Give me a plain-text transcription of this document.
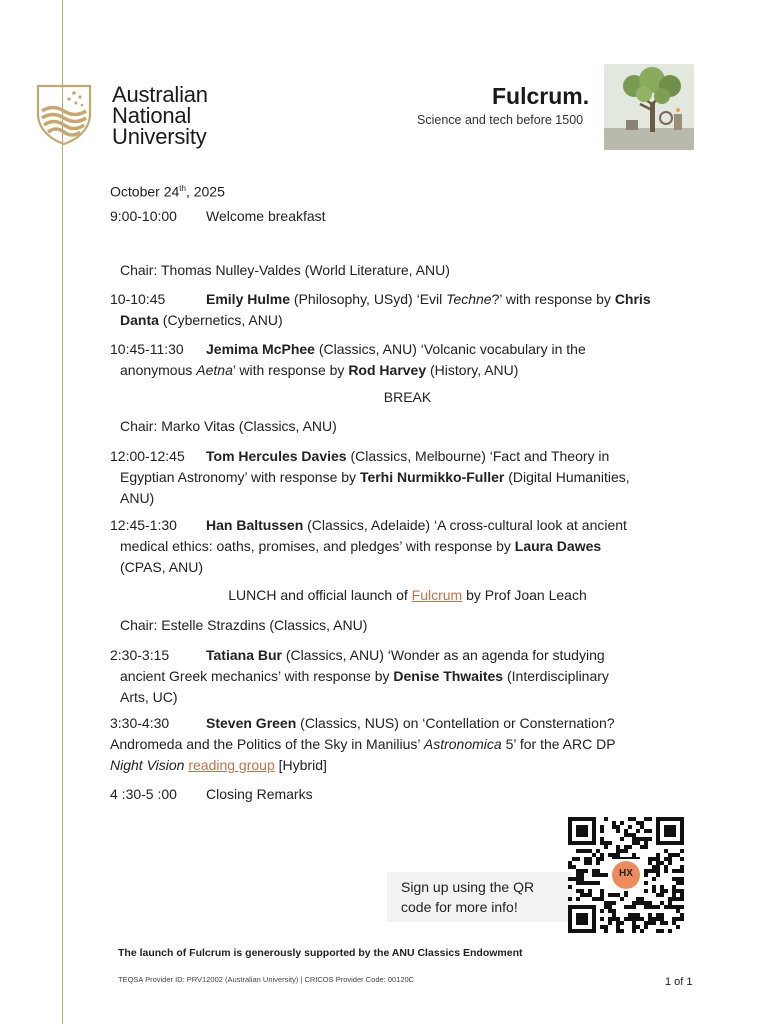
Australian
National
University
Fulcrum.
Science and tech before 1500
October 24th, 2025
9:00-10:00 Welcome breakfast
Chair: Thomas Nulley-Valdes (World Literature, ANU)
10-10:45	Emily Hulme (Philosophy, USyd) ‘Evil Techne?’ with response by Chris
Danta (Cybernetics, ANU)
10:45-11:30 Jemima McPhee (Classics, ANU) ‘Volcanic vocabulary in the
anonymous Aetna’ with response by Rod Harvey (History, ANU)
BREAK
Chair: Marko Vitas (Classics, ANU)
12:00-12:45 Tom Hercules Davies (Classics, Melbourne) ‘Fact and Theory in
Egyptian Astronomy’ with response by Terhi Nurmikko-Fuller (Digital Humanities,
ANU)
12:45-1:30 Han Baltussen (Classics, Adelaide) ‘A cross-cultural look at ancient
medical ethics: oaths, promises, and pledges’ with response by Laura Dawes
(CPAS, ANU)
LUNCH and official launch of Fulcrum by Prof Joan Leach
Chair: Estelle Strazdins (Classics, ANU)
2:30-3:15	Tatiana Bur (Classics, ANU) ‘Wonder as an agenda for studying
ancient Greek mechanics’ with response by Denise Thwaites (Interdisciplinary
Arts, UC)
3:30-4:30	Steven Green (Classics, NUS) on ‘Contellation or Consternation?
Andromeda and the Politics of the Sky in Manilius’ Astronomica 5’ for the ARC DP
Night Vision reading group [Hybrid]
4 :30-5 :00 Closing Remarks
Sign up using the QR
code for more info!
HX
The launch of Fulcrum is generously supported by the ANU Classics Endowment
TEQSA Provider ID: PRV12002 (Australian University) | CRICOS Provider Code: 00120C	1 of 1
